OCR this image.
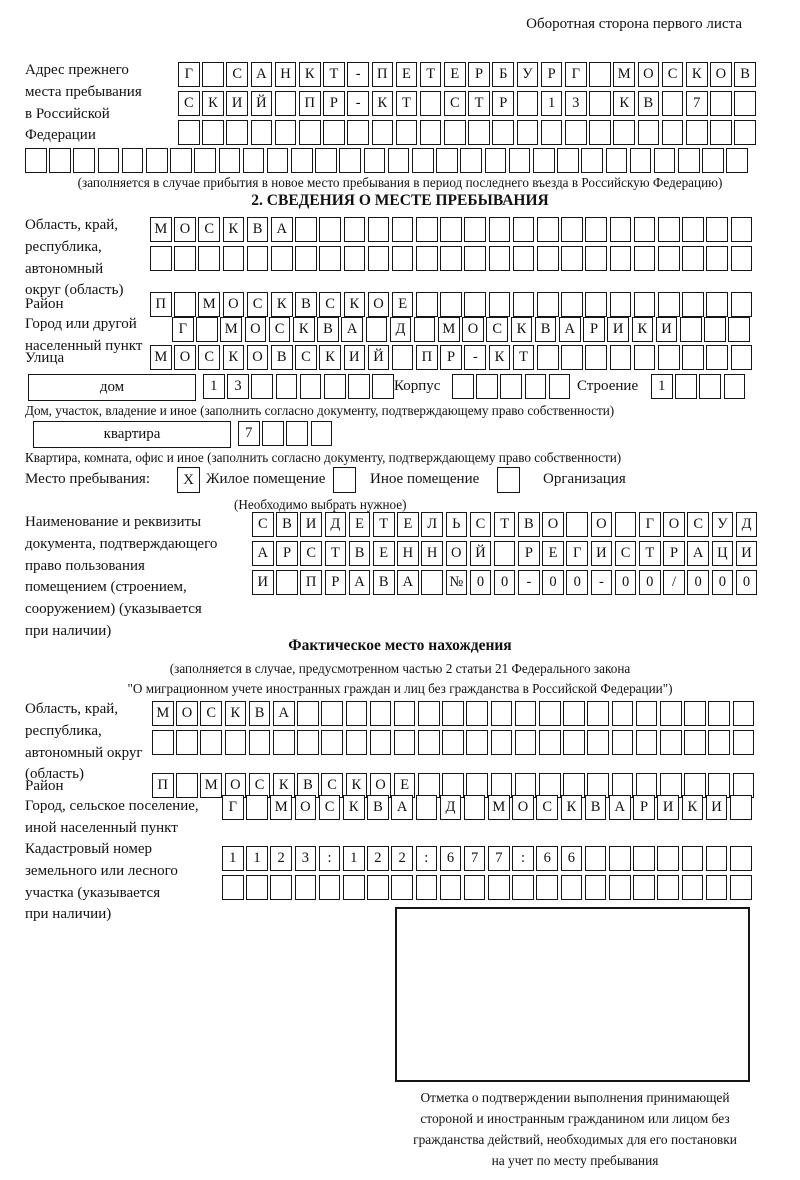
Оборотная сторона первого листа
Адрес прежнего
места пребывания
в Российской
Федерации
Г	С А Н К	Т	-	П	Е	Т	Е	Р	Б	У	Р	Г	М О С	К О В
С	К И Й	П	Р	-	К	Т	С	Т	Р	1	3	К	В	7
(заполняется в случае прибытия в новое место пребывания в период последнего въезда в Российскую Федерацию)
2. СВЕДЕНИЯ О МЕСТЕ ПРЕБЫВАНИЯ
Область, край,
республика,
автономный
округ (область)
М О С	К	В А
Район	П	М О С	К	В	С	К О	Е
Город или другой
населенный пункт
Г	М О С	К	В А	Д	М О С	К	В А	Р	И К И
Улица	М О С	К О В	С	К И Й	П	Р	-	К	Т
дом	1	3	Корпус	Строение	1
Дом, участок, владение и иное (заполнить согласно документу, подтверждающему право собственности)
квартира	7
Квартира, комната, офис и иное (заполнить согласно документу, подтверждающему право собственности)
Место пребывания:	X Жилое помещение	Иное помещение	Организация
(Необходимо выбрать нужное)
Наименование и реквизиты
документа, подтверждающего
право пользования
помещением (строением,
сооружением) (указывается
при наличии)
С	В И Д	Е	Т	Е	Л	Ь	С	Т	В О	О	Г	О С У Д
А	Р	С	Т	В	Е	Н Н О Й	Р	Е	Г	И С	Т	Р	А Ц И
И	П	Р	А В А	№ 0	0	-	0	0	-	0	0	/	0	0	0
Фактическое место нахождения
(заполняется в случае, предусмотренном частью 2 статьи 21 Федерального закона
"О миграционном учете иностранных граждан и лиц без гражданства в Российской Федерации")
Область, край,
республика,
автономный округ
(область)
М О С	К	В А
Район	П	М О С	К	В	С	К О	Е
Город, сельское поселение,
иной населенный пункт
Г	М О С	К	В А	Д	М О С	К	В А	Р	И К И
Кадастровый номер
земельного или лесного
участка (указывается
при наличии)
1	1	2	3	:	1	2	2	:	6	7	7	:	6	6
Отметка о подтверждении выполнения принимающей
стороной и иностранным гражданином или лицом без
гражданства действий, необходимых для его постановки
на учет по месту пребывания
